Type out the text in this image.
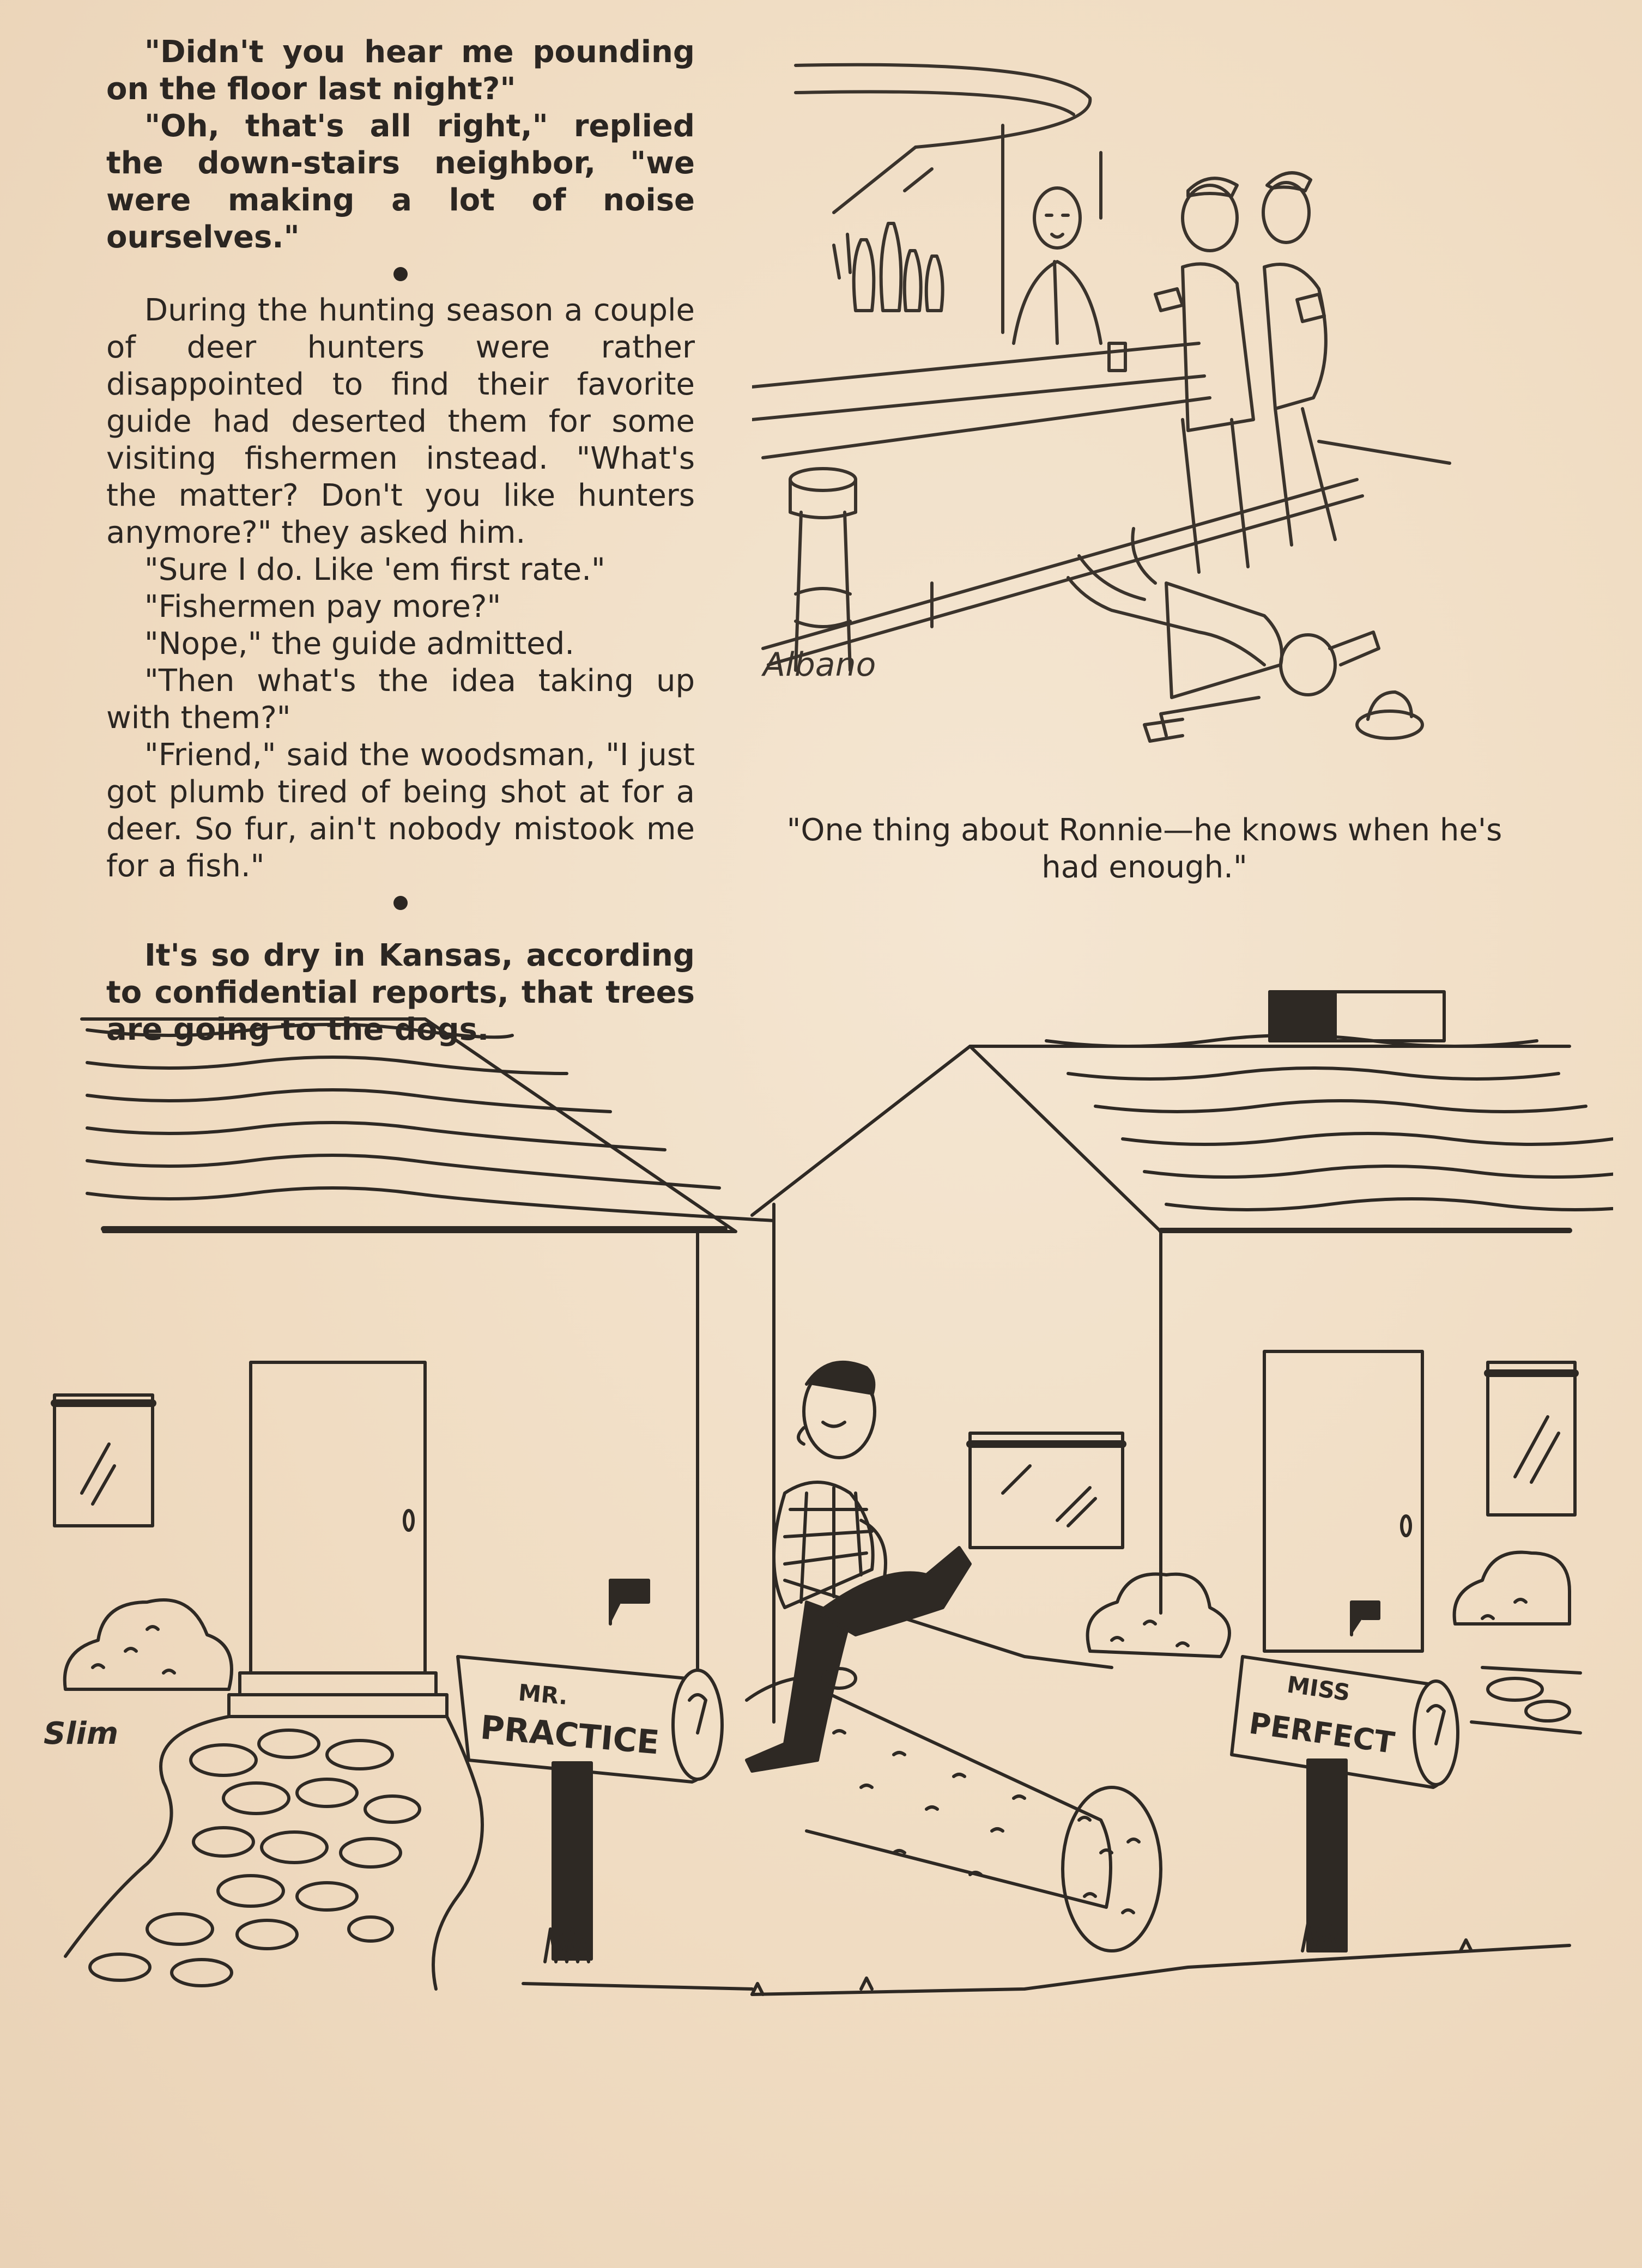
"Didn't you hear me pounding on the floor last night?"

"Oh, that's all right," replied the down-stairs neighbor, "we were making a lot of noise ourselves."

During the hunting season a couple of deer hunters were rather disappointed to find their favorite guide had deserted them for some visiting fishermen instead. "What's the matter? Don't you like hunters anymore?" they asked him.

"Sure I do. Like 'em first rate."

"Fishermen pay more?"

"Nope," the guide admitted.

"Then what's the idea taking up with them?"

"Friend," said the woodsman, "I just got plumb tired of being shot at for a deer. So fur, ain't nobody mistook me for a fish."

It's so dry in Kansas, according to confidential reports, that trees are going to the dogs.

Albano
"One thing about Ronnie—he knows when he's had enough."
Slim
MR.
PRACTICE
MISS
PERFECT
